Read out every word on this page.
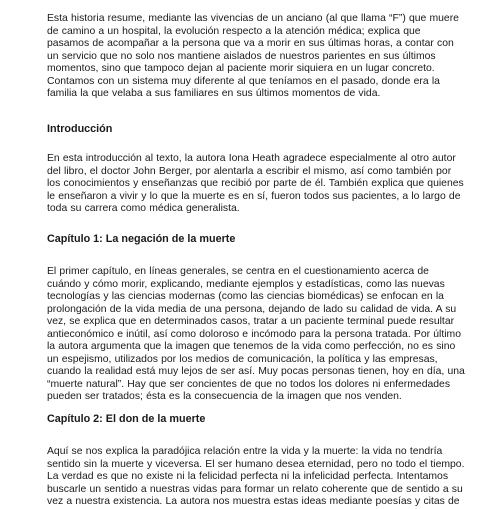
Esta historia resume, mediante las vivencias de un anciano (al que llama “F”) que muere de camino a un hospital, la evolución respecto a la atención médica; explica que pasamos de acompañar a la persona que va a morir en sus últimas horas, a contar con un servicio que no solo nos mantiene aislados de nuestros parientes en sus últimos momentos, sino que tampoco dejan al paciente morir siquiera en un lugar concreto. Contamos con un sistema muy diferente al que teníamos en el pasado, donde era la familia la que velaba a sus familiares en sus últimos momentos de vida.

Introducción

En esta introducción al texto, la autora Iona Heath agradece especialmente al otro autor del libro, el doctor John Berger, por alentarla a escribir el mismo, así como también por los conocimientos y enseñanzas que recibió por parte de él. También explica que quienes le enseñaron a vivir y lo que la muerte es en sí, fueron todos sus pacientes, a lo largo de toda su carrera como médica generalista.

Capítulo 1: La negación de la muerte

El primer capítulo, en líneas generales, se centra en el cuestionamiento acerca de cuándo y cómo morir, explicando, mediante ejemplos y estadísticas, como las nuevas tecnologías y las ciencias modernas (como las ciencias biomédicas) se enfocan en la prolongación de la vida media de una persona, dejando de lado su calidad de vida. A su vez, se explica que en determinados casos, tratar a un paciente terminal puede resultar antieconómico e inútil, así como doloroso e incómodo para la persona tratada. Por último la autora argumenta que la imagen que tenemos de la vida como perfección, no es sino un espejismo, utilizados por los medios de comunicación, la política y las empresas, cuando la realidad está muy lejos de ser así. Muy pocas personas tienen, hoy en día, una “muerte natural”. Hay que ser concientes de que no todos los dolores ni enfermedades pueden ser tratados; ésta es la consecuencia de la imagen que nos venden.

Capítulo 2: El don de la muerte

Aquí se nos explica la paradójica relación entre la vida y la muerte: la vida no tendría sentido sin la muerte y viceversa. El ser humano desea eternidad, pero no todo el tiempo. La verdad es que no existe ni la felicidad perfecta ni la infelicidad perfecta. Intentamos buscarle un sentido a nuestras vidas para formar un relato coherente que de sentido a su vez a nuestra existencia. La autora nos muestra estas ideas mediante poesías y citas de
